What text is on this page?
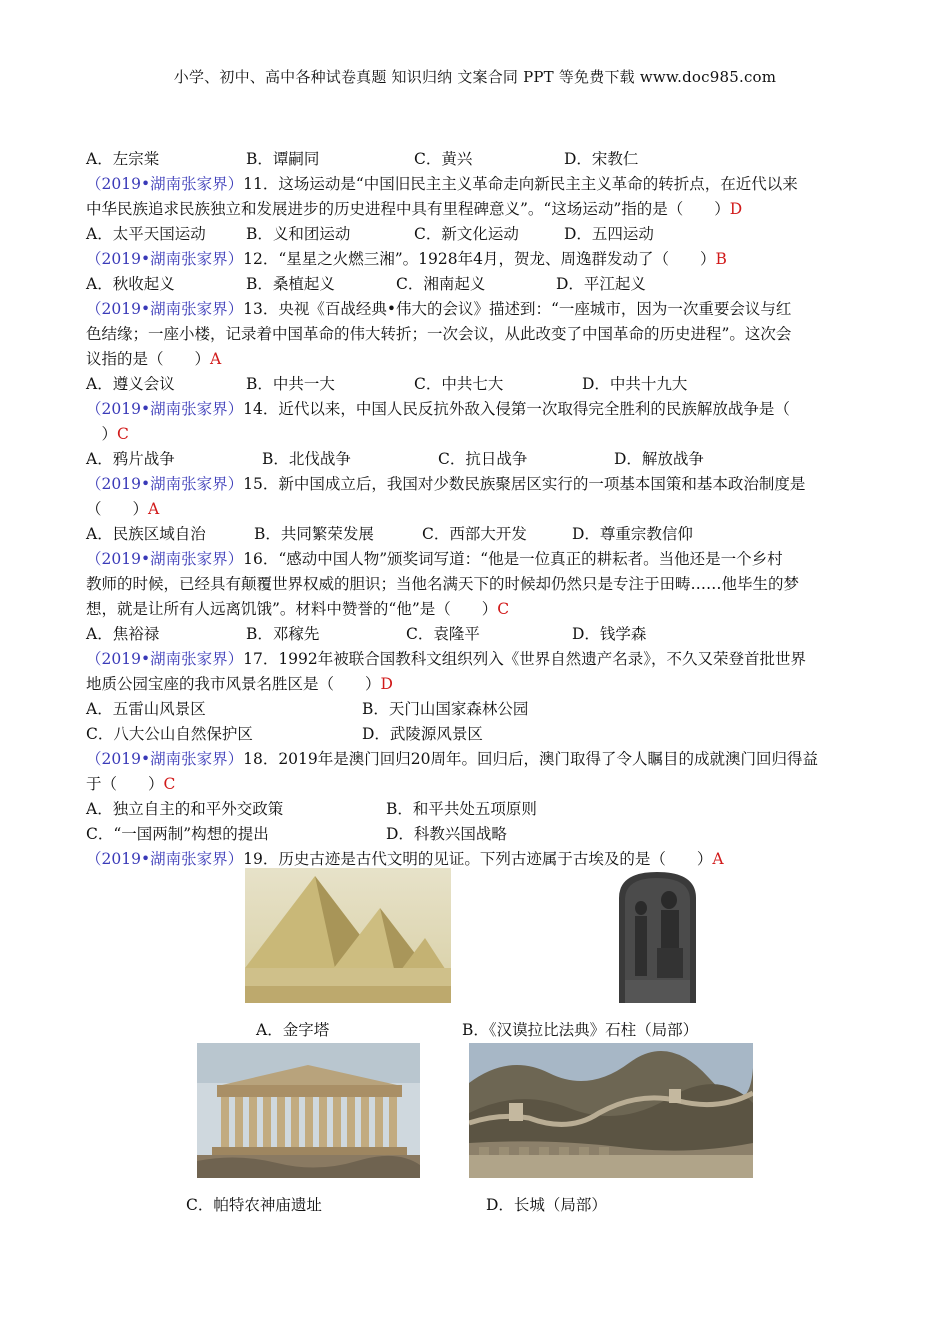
小学、初中、高中各种试卷真题 知识归纳 文案合同 PPT 等免费下载 www.doc985.com
A．左宗棠	B．谭嗣同	C．黄兴	D．宋教仁
（2019•湖南张家界）11．这场运动是“中国旧民主主义革命走向新民主主义革命的转折点，在近代以来
中华民族追求民族独立和发展进步的历史进程中具有里程碑意义”。“这场运动”指的是（　　）D
A．太平天国运动	B．义和团运动	C．新文化运动	D．五四运动
（2019•湖南张家界）12．“星星之火燃三湘”。1928年4月，贺龙、周逸群发动了（　　）B
A．秋收起义	B．桑植起义	C．湘南起义	D．平江起义
（2019•湖南张家界）13．央视《百战经典•伟大的会议》描述到：“一座城市，因为一次重要会议与红
色结缘；一座小楼，记录着中国革命的伟大转折；一次会议，从此改变了中国革命的历史进程”。这次会
议指的是（　　）A
A．遵义会议	B．中共一大	C．中共七大	D．中共十九大
（2019•湖南张家界）14．近代以来，中国人民反抗外敌入侵第一次取得完全胜利的民族解放战争是（
　）C
A．鸦片战争	B．北伐战争	C．抗日战争	D．解放战争
（2019•湖南张家界）15．新中国成立后，我国对少数民族聚居区实行的一项基本国策和基本政治制度是
（　　）A
A．民族区域自治	B．共同繁荣发展	C．西部大开发	D．尊重宗教信仰
（2019•湖南张家界）16．“感动中国人物”颁奖词写道：“他是一位真正的耕耘者。当他还是一个乡村
教师的时候，已经具有颠覆世界权威的胆识；当他名满天下的时候却仍然只是专注于田畴……他毕生的梦
想，就是让所有人远离饥饿”。材料中赞誉的“他”是（　　）C
A．焦裕禄	B．邓稼先	C．袁隆平	D．钱学森
（2019•湖南张家界）17．1992年被联合国教科文组织列入《世界自然遗产名录》，不久又荣登首批世界
地质公园宝座的我市风景名胜区是（　　）D
A．五雷山风景区	B．天门山国家森林公园
C．八大公山自然保护区	D．武陵源风景区
（2019•湖南张家界）18．2019年是澳门回归20周年。回归后，澳门取得了令人瞩目的成就澳门回归得益
于（　　）C
A．独立自主的和平外交政策	B．和平共处五项原则
C．“一国两制”构想的提出	D．科教兴国战略
（2019•湖南张家界）19．历史古迹是古代文明的见证。下列古迹属于古埃及的是（　　）A
A．金字塔	B．《汉谟拉比法典》石柱（局部）
C．帕特农神庙遗址	D．长城（局部）
